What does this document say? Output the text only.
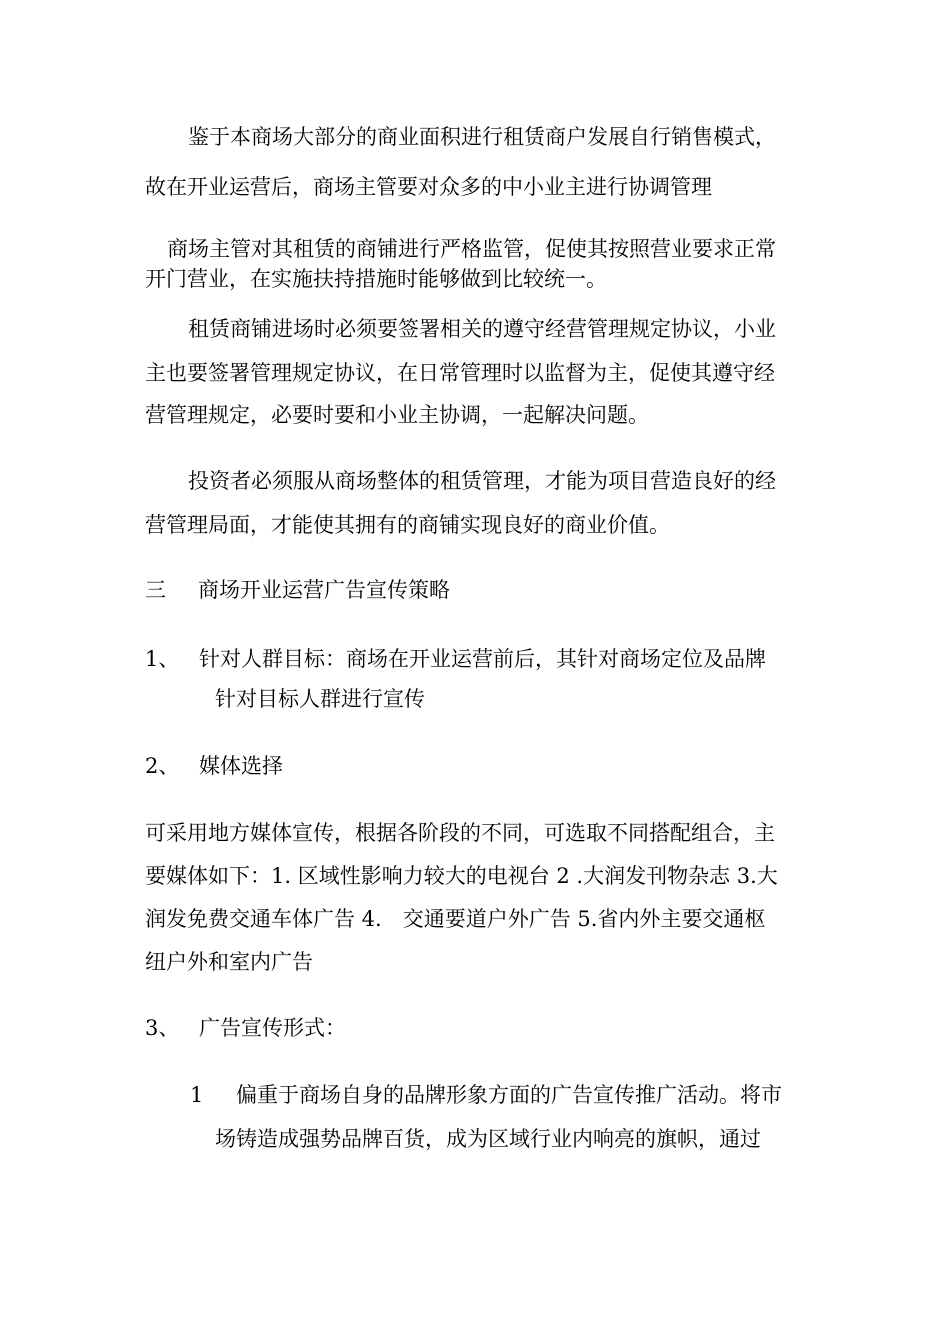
鉴于本商场大部分的商业面积进行租赁商户发展自行销售模式，
故在开业运营后，商场主管要对众多的中小业主进行协调管理
商场主管对其租赁的商铺进行严格监管，促使其按照营业要求正常
开门营业，在实施扶持措施时能够做到比较统一。
租赁商铺进场时必须要签署相关的遵守经营管理规定协议，小业
主也要签署管理规定协议，在日常管理时以监督为主，促使其遵守经
营管理规定，必要时要和小业主协调，一起解决问题。
投资者必须服从商场整体的租赁管理，才能为项目营造良好的经
营管理局面，才能使其拥有的商铺实现良好的商业价值。
三 商场开业运营广告宣传策略
1、 针对人群目标：商场在开业运营前后，其针对商场定位及品牌
针对目标人群进行宣传
2、 媒体选择
可采用地方媒体宣传，根据各阶段的不同，可选取不同搭配组合，主
要媒体如下：1. 区域性影响力较大的电视台 2 .大润发刊物杂志 3.大
润发免费交通车体广告 4.　交通要道户外广告 5.省内外主要交通枢
纽户外和室内广告
3、 广告宣传形式：
1 偏重于商场自身的品牌形象方面的广告宣传推广活动。将市
场铸造成强势品牌百货，成为区域行业内响亮的旗帜，通过
